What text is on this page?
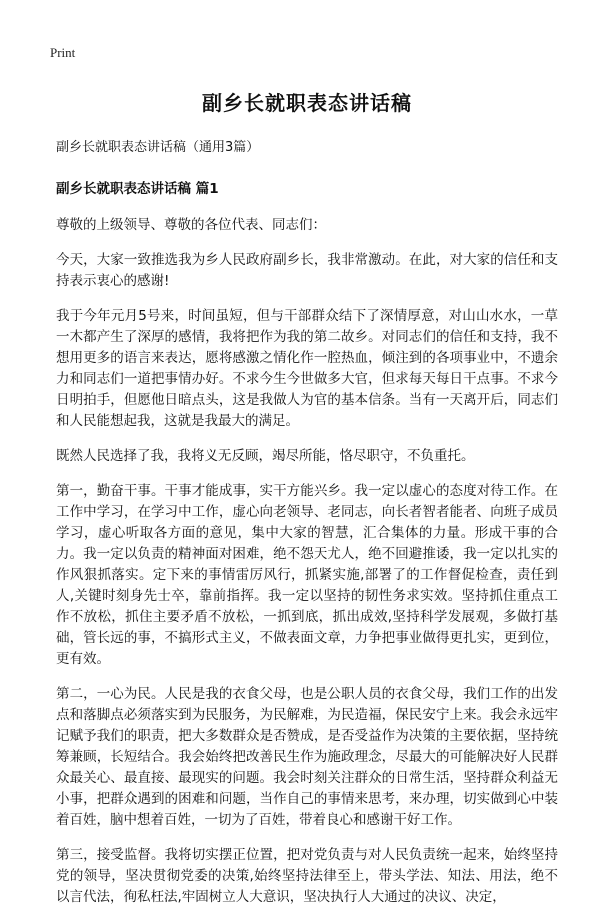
Print
副乡长就职表态讲话稿
副乡长就职表态讲话稿（通用3篇）
副乡长就职表态讲话稿 篇1

尊敬的上级领导、尊敬的各位代表、同志们：

今天，大家一致推选我为乡人民政府副乡长，我非常激动。在此，对大家的信任和支持表示衷心的感谢!

我于今年元月5号来，时间虽短，但与干部群众结下了深情厚意，对山山水水，一草一木都产生了深厚的感情，我将把作为我的第二故乡。对同志们的信任和支持，我不想用更多的语言来表达，愿将感激之情化作一腔热血，倾注到的各项事业中，不遗余力和同志们一道把事情办好。不求今生今世做多大官，但求每天每日干点事。不求今日明拍手，但愿他日暗点头，这是我做人为官的基本信条。当有一天离开后，同志们和人民能想起我，这就是我最大的满足。

既然人民选择了我，我将义无反顾，竭尽所能，恪尽职守，不负重托。

第一，勤奋干事。干事才能成事，实干方能兴乡。我一定以虚心的态度对待工作。在工作中学习，在学习中工作，虚心向老领导、老同志，向长者智者能者、向班子成员学习，虚心听取各方面的意见，集中大家的智慧，汇合集体的力量。形成干事的合力。我一定以负责的精神面对困难，绝不怨天尤人，绝不回避推诿，我一定以扎实的作风狠抓落实。定下来的事情雷厉风行，抓紧实施,部署了的工作督促检查，责任到人,关键时刻身先士卒，靠前指挥。我一定以坚持的韧性务求实效。坚持抓住重点工作不放松，抓住主要矛盾不放松，一抓到底，抓出成效,坚持科学发展观，多做打基础，管长远的事，不搞形式主义，不做表面文章，力争把事业做得更扎实，更到位，更有效。

第二，一心为民。人民是我的衣食父母，也是公职人员的衣食父母，我们工作的出发点和落脚点必须落实到为民服务，为民解难，为民造福，保民安宁上来。我会永远牢记赋予我们的职责，把大多数群众是否赞成，是否受益作为决策的主要依据，坚持统筹兼顾，长短结合。我会始终把改善民生作为施政理念，尽最大的可能解决好人民群众最关心、最直接、最现实的问题。我会时刻关注群众的日常生活，坚持群众利益无小事，把群众遇到的困难和问题，当作自己的事情来思考，来办理，切实做到心中装着百姓，脑中想着百姓，一切为了百姓，带着良心和感谢干好工作。

第三，接受监督。我将切实摆正位置，把对党负责与对人民负责统一起来，始终坚持党的领导，坚决贯彻党委的决策,始终坚持法律至上，带头学法、知法、用法，绝不以言代法，徇私枉法,牢固树立人大意识，坚决执行人大通过的决议、决定，
